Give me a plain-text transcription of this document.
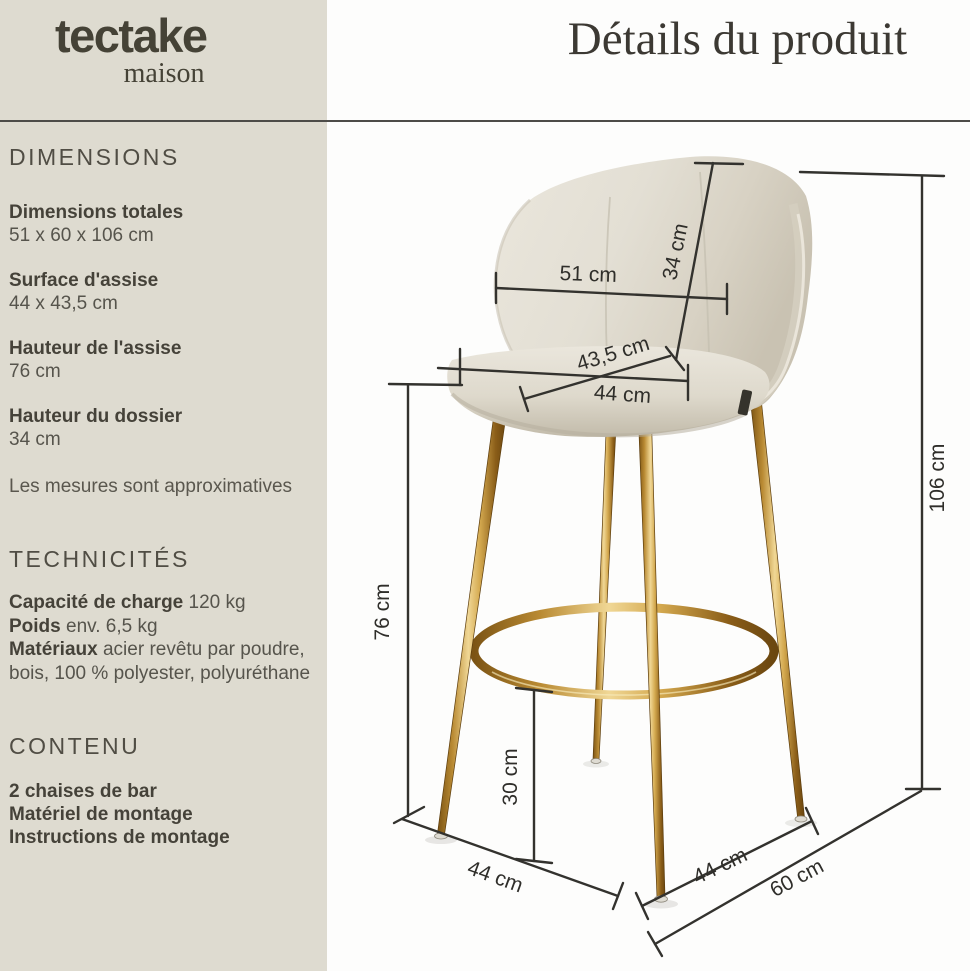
tectake
maison
Détails du produit
DIMENSIONS

Dimensions totales

51 x 60 x 106 cm

Surface d'assise

44 x 43,5 cm

Hauteur de l'assise

76 cm

Hauteur du dossier

34 cm

Les mesures sont approximatives

TECHNICITÉS

Capacité de charge 120 kg

Poids env. 6,5 kg

Matériaux acier revêtu par poudre, bois, 100 % polyester, polyuréthane

CONTENU

2 chaises de bar

Matériel de montage

Instructions de montage

51 cm 34 cm
43,5 cm
44 cm
76 cm
30 cm
106 cm
44 cm	44 cm 60 cm
